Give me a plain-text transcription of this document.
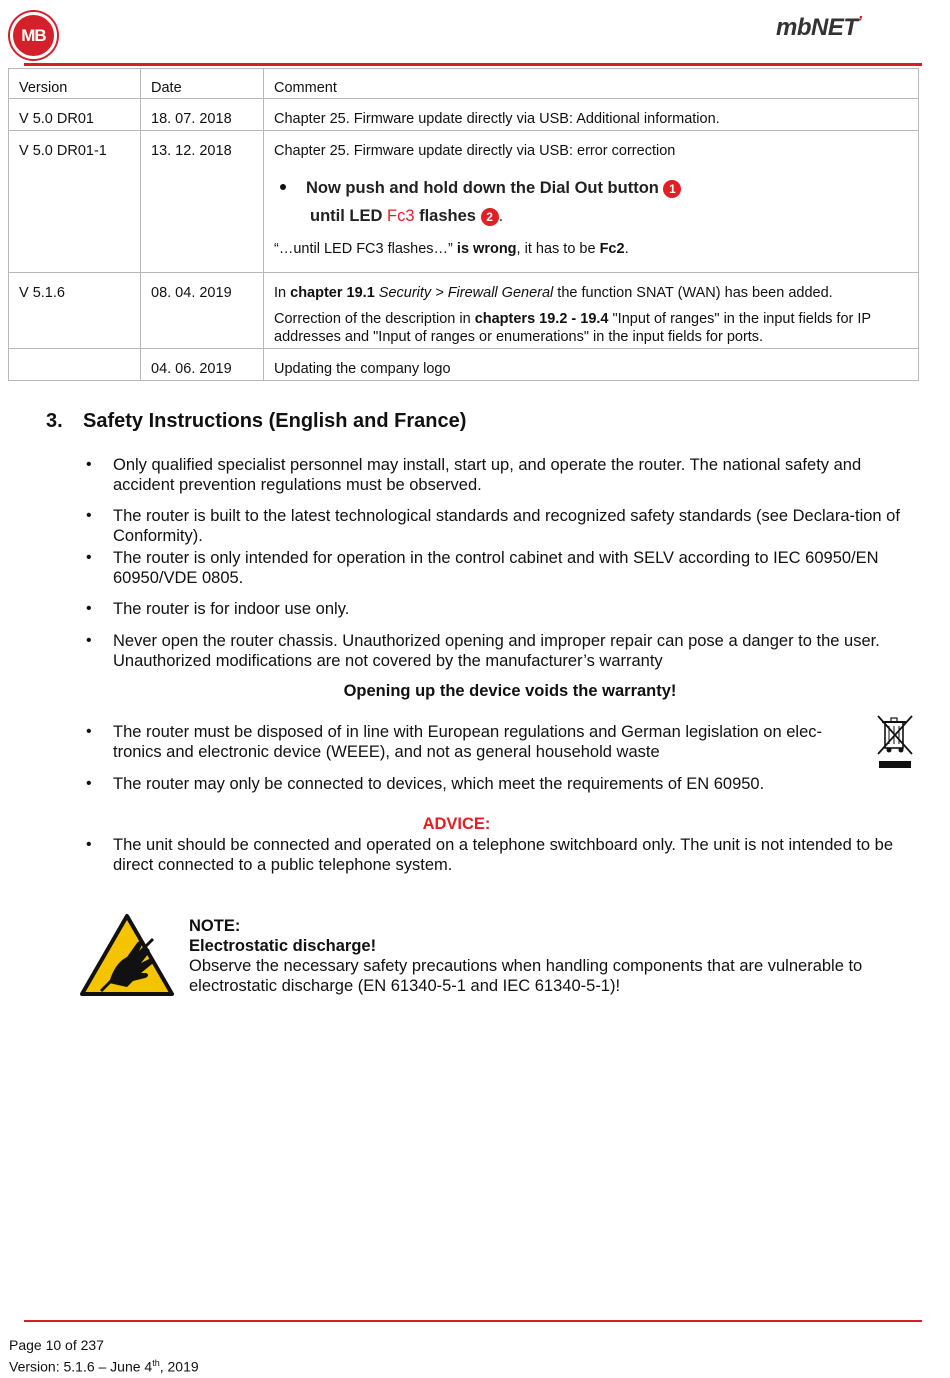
MB	mbNET’
Version	Date	Comment
V 5.0 DR01	18. 07. 2018	Chapter 25. Firmware update directly via USB: Additional information.
V 5.0 DR01-1	13. 12. 2018	Chapter 25. Firmware update directly via USB: error correction
Now push and hold down the Dial Out button 1
until LED Fc3 flashes 2 .
“…until LED FC3 flashes…” is wrong, it has to be Fc2.

V 5.1.6	08. 04. 2019	In chapter 19.1 Security > Firewall General the function SNAT (WAN) has been added.
Correction of the description in chapters 19.2 - 19.4 "Input of ranges" in the input fields for IP addresses and "Input of ranges or enumerations" in the input fields for ports.

	04. 06. 2019	Updating the company logo
3. Safety Instructions (English and France)
• Only qualified specialist personnel may install, start up, and operate the router. The national safety and accident prevention regulations must be observed.
• The router is built to the latest technological standards and recognized safety standards (see Declara-tion of Conformity).
• The router is only intended for operation in the control cabinet and with SELV according to IEC 60950/EN 60950/VDE 0805.
• The router is for indoor use only.
• Never open the router chassis. Unauthorized opening and improper repair can pose a danger to the user. Unauthorized modifications are not covered by the manufacturer’s warranty
Opening up the device voids the warranty!
• The router must be disposed of in line with European regulations and German legislation on elec-tronics and electronic device (WEEE), and not as general household waste
• The router may only be connected to devices, which meet the requirements of EN 60950.
ADVICE:
• The unit should be connected and operated on a telephone switchboard only. The unit is not intended to be direct connected to a public telephone system.
NOTE:
Electrostatic discharge!
Observe the necessary safety precautions when handling components that are vulnerable to electrostatic discharge (EN 61340-5-1 and IEC 61340-5-1)!
Page 10 of 237
Version: 5.1.6 – June 4th, 2019
